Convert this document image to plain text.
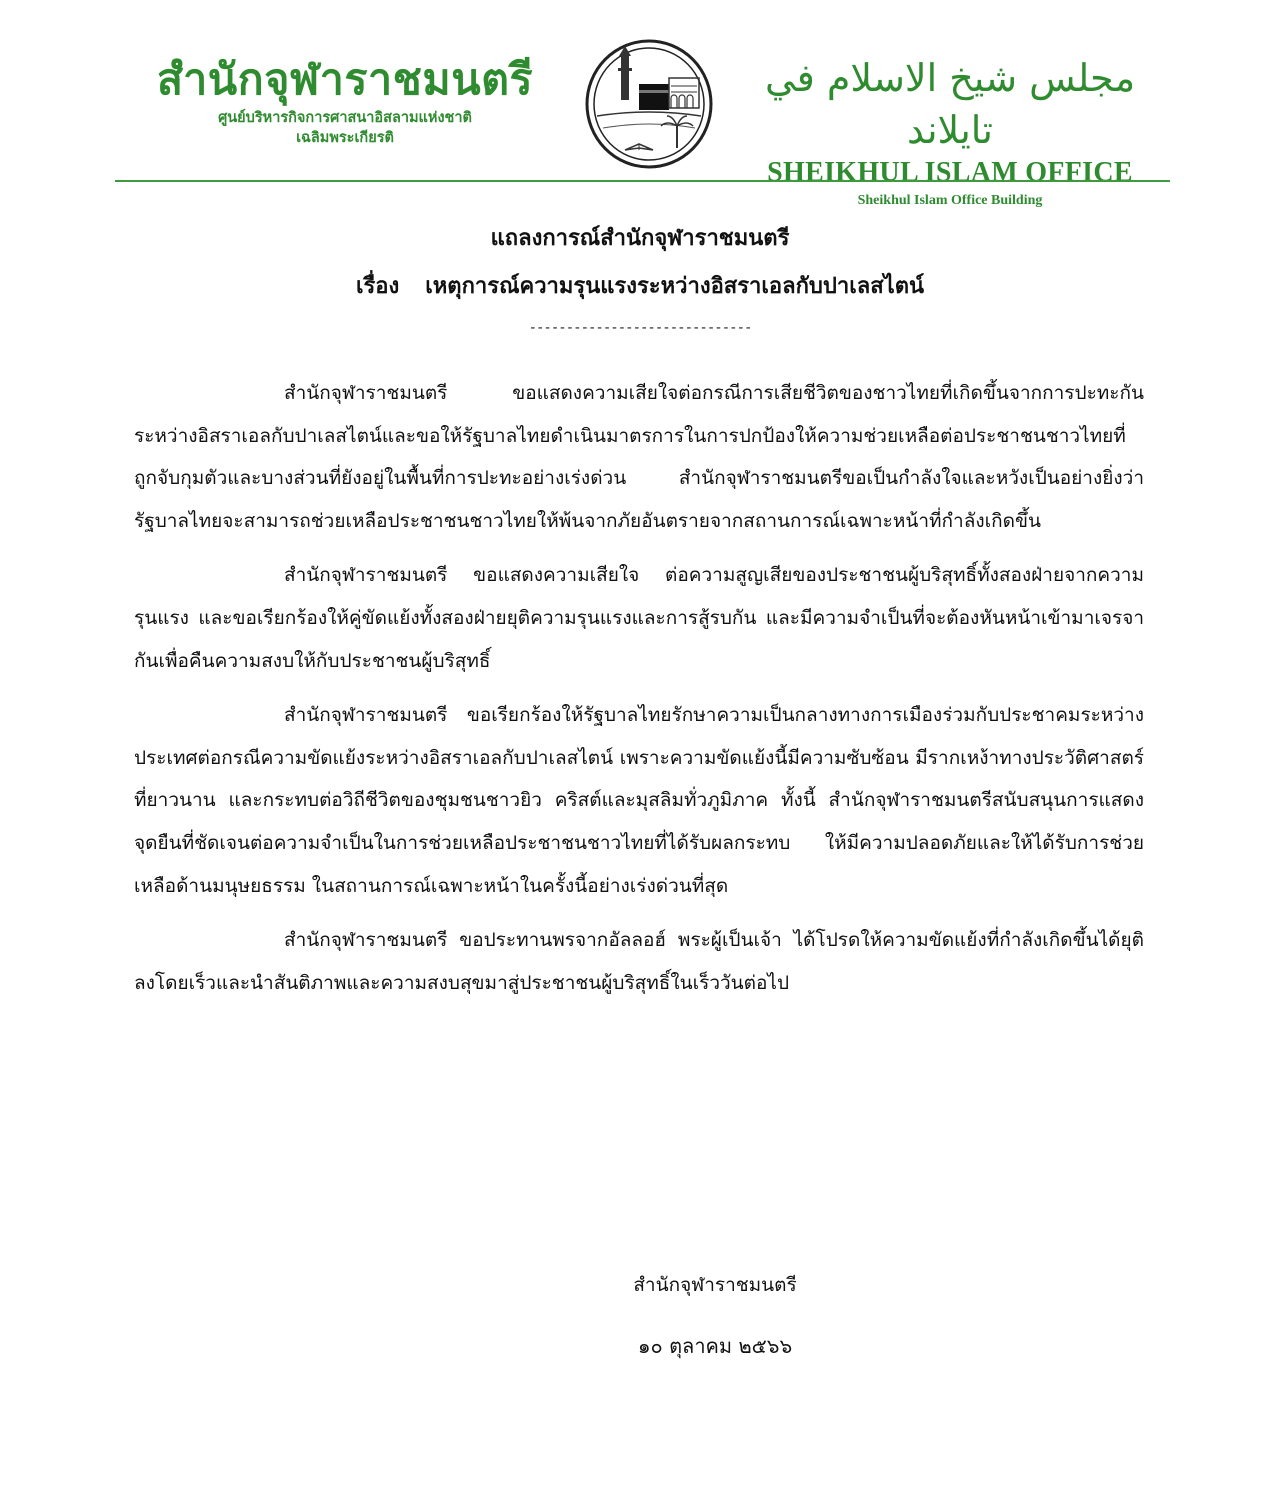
สำนักจุฬาราชมนตรี
ศูนย์บริหารกิจการศาสนาอิสลามแห่งชาติ
เฉลิมพระเกียรติ
مجلس شيخ الاسلام في تايلاند
SHEIKHUL ISLAM OFFICE
Sheikhul Islam Office Building
แถลงการณ์สำนักจุฬาราชมนตรี
เรื่อง เหตุการณ์ความรุนแรงระหว่างอิสราเอลกับปาเลสไตน์
------------------------------

สำนักจุฬาราชมนตรี ขอแสดงความเสียใจต่อกรณีการเสียชีวิตของชาวไทยที่เกิดขึ้นจากการปะทะกันระหว่างอิสราเอลกับปาเลสไตน์และขอให้รัฐบาลไทยดำเนินมาตรการในการปกป้องให้ความช่วยเหลือต่อประชาชนชาวไทยที่ถูกจับกุมตัวและบางส่วนที่ยังอยู่ในพื้นที่การปะทะอย่างเร่งด่วน สำนักจุฬาราชมนตรีขอเป็นกำลังใจและหวังเป็นอย่างยิ่งว่ารัฐบาลไทยจะสามารถช่วยเหลือประชาชนชาวไทยให้พ้นจากภัยอันตรายจากสถานการณ์เฉพาะหน้าที่กำลังเกิดขึ้น

สำนักจุฬาราชมนตรี ขอแสดงความเสียใจ ต่อความสูญเสียของประชาชนผู้บริสุทธิ์ทั้งสองฝ่ายจากความรุนแรง และขอเรียกร้องให้คู่ขัดแย้งทั้งสองฝ่ายยุติความรุนแรงและการสู้รบกัน และมีความจำเป็นที่จะต้องหันหน้าเข้ามาเจรจากันเพื่อคืนความสงบให้กับประชาชนผู้บริสุทธิ์

สำนักจุฬาราชมนตรี ขอเรียกร้องให้รัฐบาลไทยรักษาความเป็นกลางทางการเมืองร่วมกับประชาคมระหว่างประเทศต่อกรณีความขัดแย้งระหว่างอิสราเอลกับปาเลสไตน์ เพราะความขัดแย้งนี้มีความซับซ้อน มีรากเหง้าทางประวัติศาสตร์ที่ยาวนาน และกระทบต่อวิถีชีวิตของชุมชนชาวยิว คริสต์และมุสลิมทั่วภูมิภาค ทั้งนี้ สำนักจุฬาราชมนตรีสนับสนุนการแสดงจุดยืนที่ชัดเจนต่อความจำเป็นในการช่วยเหลือประชาชนชาวไทยที่ได้รับผลกระทบ ให้มีความปลอดภัยและให้ได้รับการช่วยเหลือด้านมนุษยธรรม ในสถานการณ์เฉพาะหน้าในครั้งนี้อย่างเร่งด่วนที่สุด

สำนักจุฬาราชมนตรี ขอประทานพรจากอัลลอฮ์ พระผู้เป็นเจ้า ได้โปรดให้ความขัดแย้งที่กำลังเกิดขึ้นได้ยุติลงโดยเร็วและนำสันติภาพและความสงบสุขมาสู่ประชาชนผู้บริสุทธิ์ในเร็ววันต่อไป

สำนักจุฬาราชมนตรี
๑๐ ตุลาคม ๒๕๖๖
